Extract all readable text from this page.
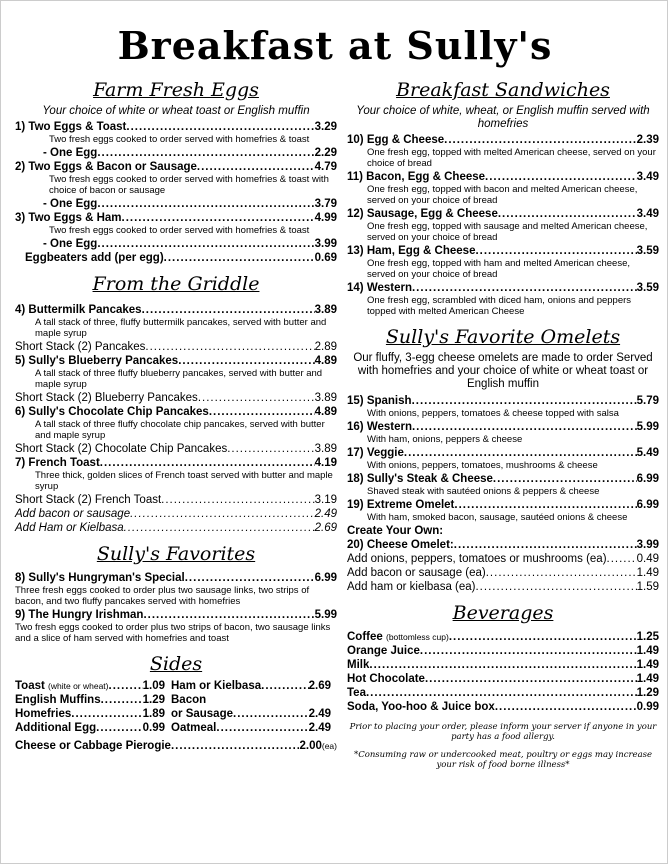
Breakfast at Sully's
Farm Fresh Eggs
Your choice of white or wheat toast or English muffin
1) Two Eggs & Toast .....	3.29
Two fresh eggs cooked to order served with homefries & toast
- One Egg .....	2.29
2) Two Eggs & Bacon or Sausage .....	4.79
Two fresh eggs cooked to order served with homefries & toast with choice of bacon or sausage
- One Egg .....	3.79
3) Two Eggs & Ham .....	4.99
Two fresh eggs cooked to order served with homefries & toast
- One Egg .....	3.99
Eggbeaters add (per egg) .....	0.69
From the Griddle
4) Buttermilk Pancakes .....	3.89
A tall stack of three, fluffy buttermilk pancakes, served with butter and maple syrup
Short Stack (2) Pancakes .....	2.89
5) Sully's Blueberry Pancakes .....	4.89
A tall stack of three fluffy blueberry pancakes, served with butter and maple syrup
Short Stack (2) Blueberry Pancakes .....	3.89
6) Sully's Chocolate Chip Pancakes .....	4.89
A tall stack of three fluffy chocolate chip pancakes, served with butter and maple syrup
Short Stack (2) Chocolate Chip Pancakes .....	3.89
7) French Toast .....	4.19
Three thick, golden slices of French toast served with butter and maple syrup
Short Stack (2) French Toast .....	3.19
Add bacon or sausage .....	2.49
Add Ham or Kielbasa .....	2.69
Sully's Favorites
8) Sully's Hungryman's Special .....	6.99
Three fresh eggs cooked to order plus two sausage links, two strips of bacon, and two fluffy pancakes served with homefries
9) The Hungry Irishman .....	5.99
Two fresh eggs cooked to order plus two strips of bacon, two sausage links and a slice of ham served with homefries and toast
Sides
Toast (white or wheat) .....	1.09 Ham or Kielbasa .....	2.69
English Muffins .....	1.29 Bacon
Homefries .....	1.89 or Sausage .....	2.49
Additional Egg .....	0.99 Oatmeal .....	2.49
Cheese or Cabbage Pierogie .....	2.00(ea)
Breakfast Sandwiches
Your choice of white, wheat, or English muffin served with homefries
10) Egg & Cheese .....	2.39
One fresh egg, topped with melted American cheese, served on your choice of bread
11) Bacon, Egg & Cheese .....	3.49
One fresh egg, topped with bacon and melted American cheese, served on your choice of bread
12) Sausage, Egg & Cheese .....	3.49
One fresh egg, topped with sausage and melted American cheese, served on your choice of bread
13) Ham, Egg & Cheese .....	3.59
One fresh egg, topped with ham and melted American cheese, served on your choice of bread
14) Western .....	3.59
One fresh egg, scrambled with diced ham, onions and peppers topped with melted American Cheese
Sully's Favorite Omelets
Our fluffy, 3-egg cheese omelets are made to order Served with homefries and your choice of white or wheat toast or English muffin
15) Spanish .....	5.79
With onions, peppers, tomatoes & cheese topped with salsa
16) Western .....	5.99
With ham, onions, peppers & cheese
17) Veggie .....	5.49
With onions, peppers, tomatoes, mushrooms & cheese
18) Sully's Steak & Cheese .....	6.99
Shaved steak with sautéed onions & peppers & cheese
19) Extreme Omelet .....	6.99
With ham, smoked bacon, sausage, sautéed onions & cheese
Create Your Own:
20) Cheese Omelet: .....	3.99
Add onions, peppers, tomatoes or mushrooms (ea) .....	0.49
Add bacon or sausage (ea) .....	1.49
Add ham or kielbasa (ea) .....	1.59
Beverages
Coffee (bottomless cup) .....	1.25
Orange Juice .....	1.49
Milk .....	1.49
Hot Chocolate .....	1.49
Tea .....	1.29
Soda, Yoo-hoo & Juice box .....	0.99
Prior to placing your order, please inform your server if anyone in your party has a food allergy.
*Consuming raw or undercooked meat, poultry or eggs may increase your risk of food borne illness*
